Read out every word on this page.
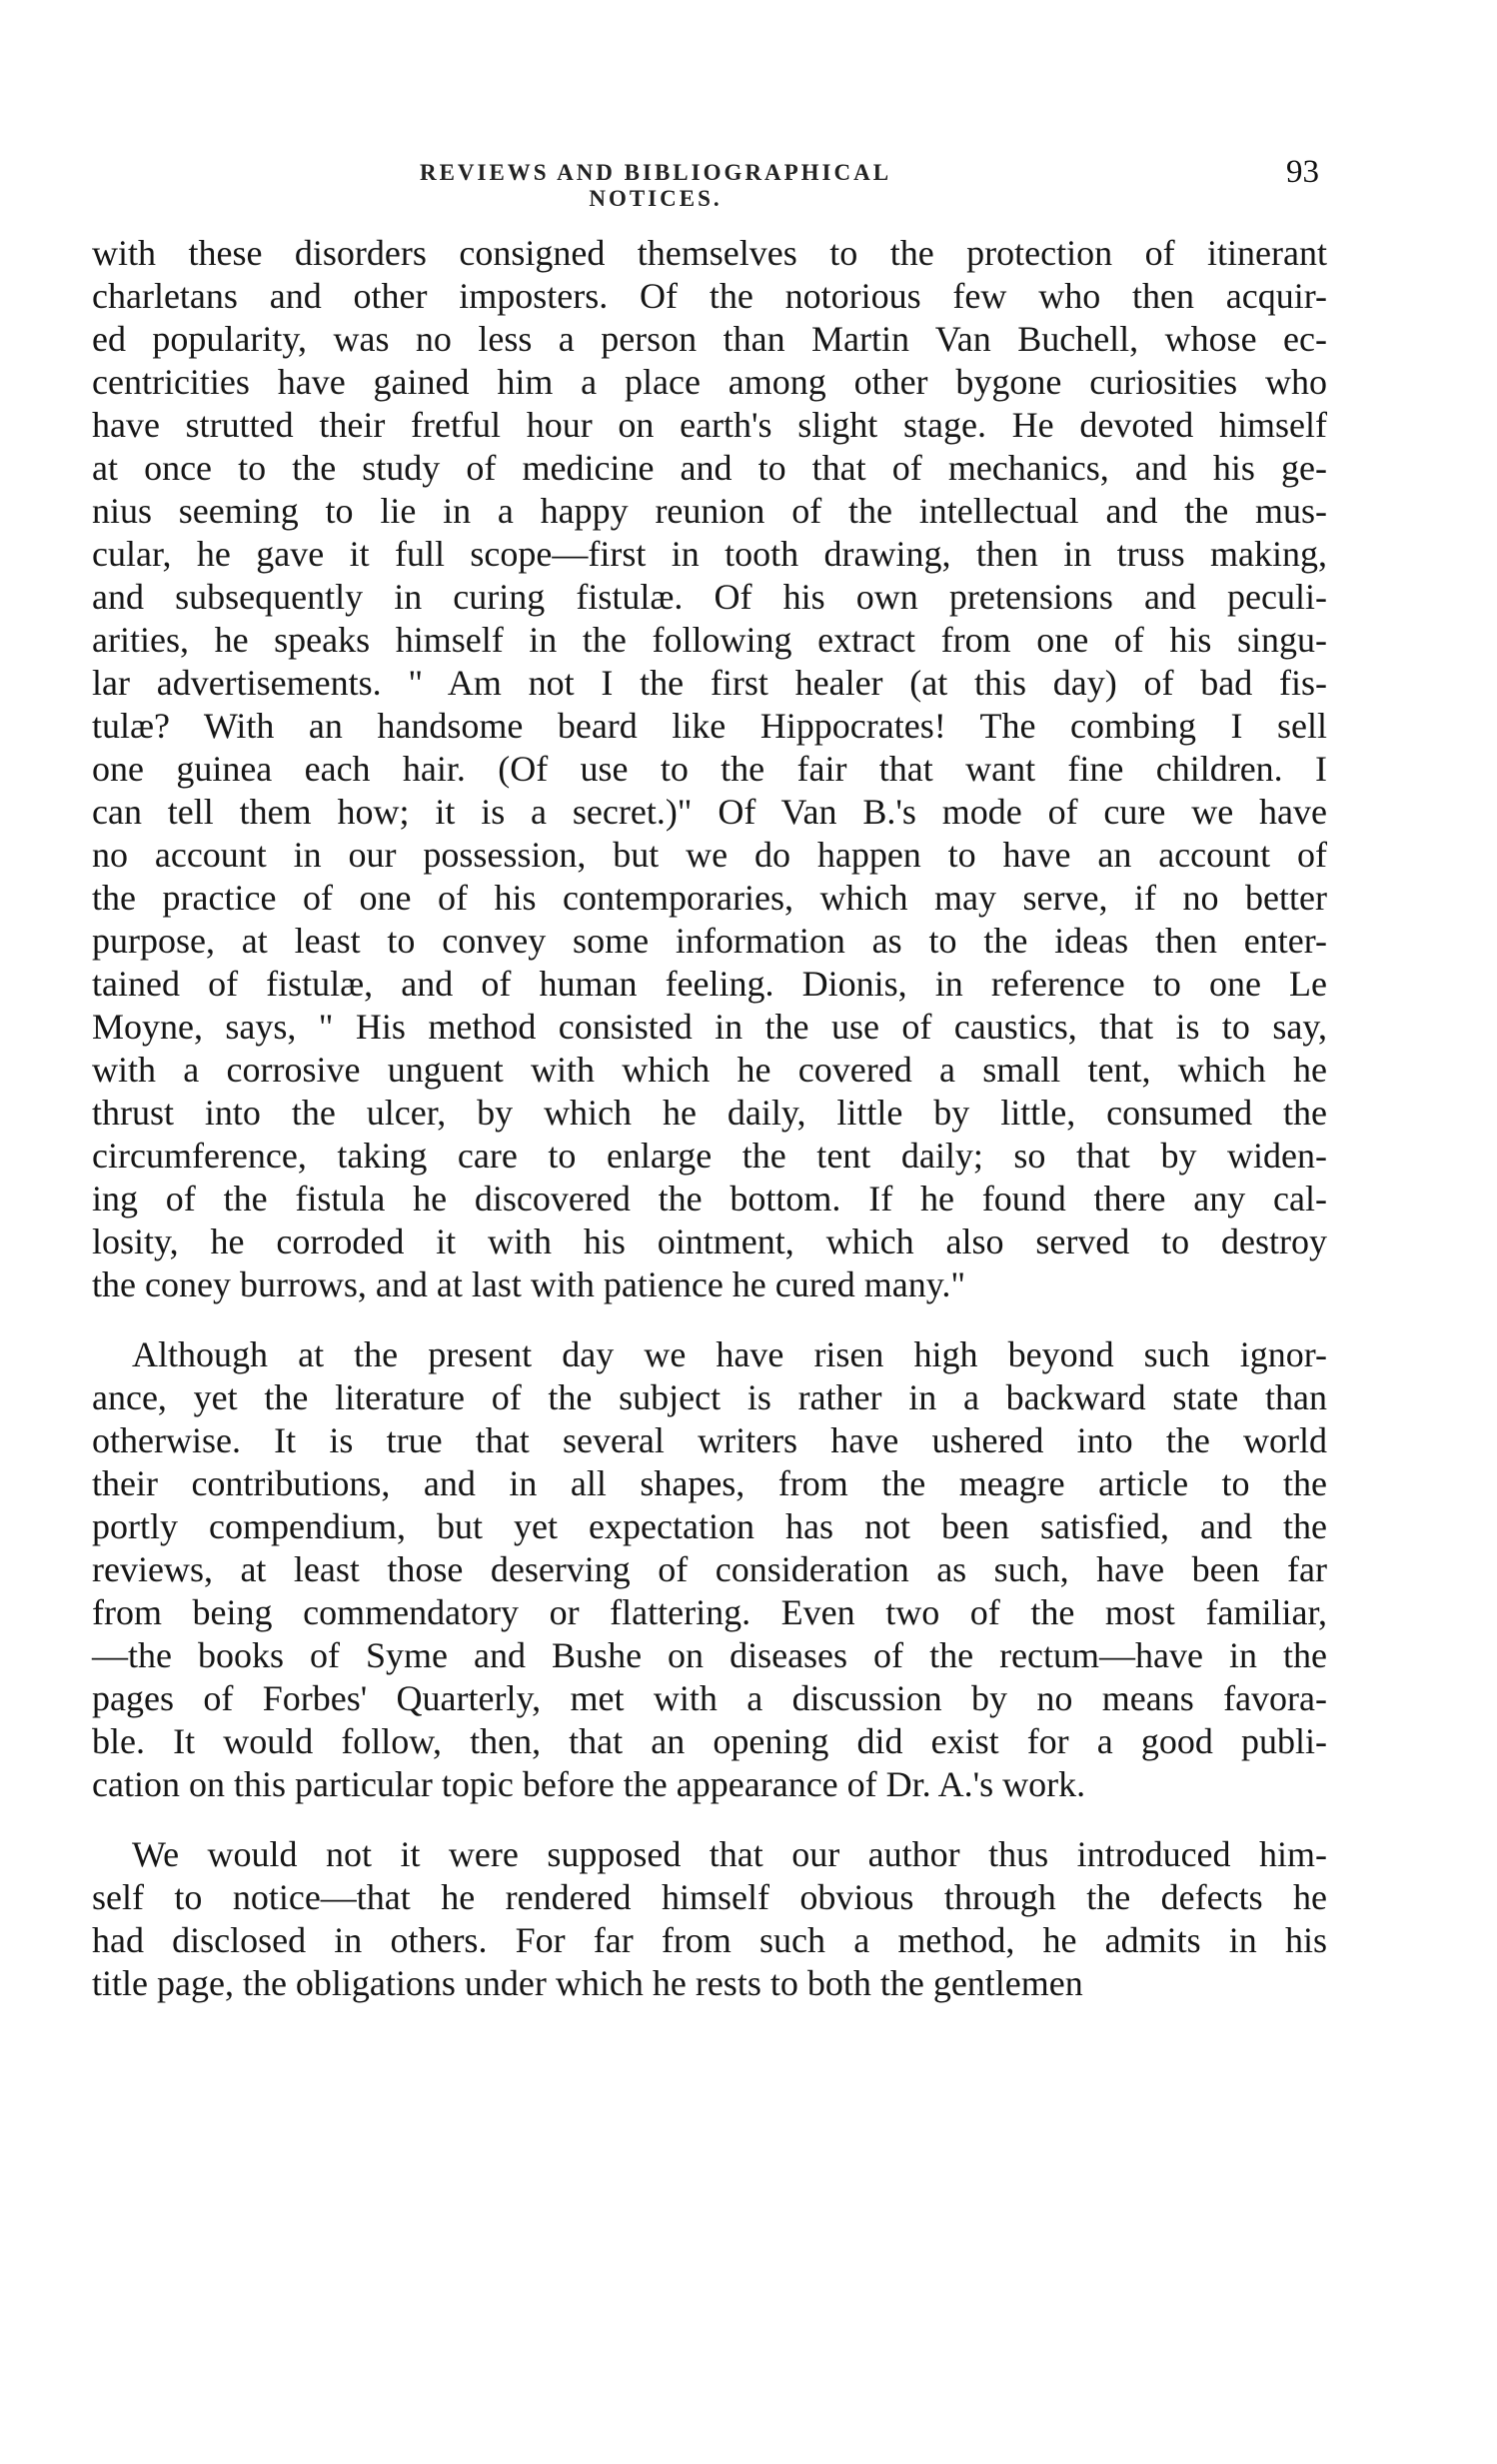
REVIEWS AND BIBLIOGRAPHICAL NOTICES.
93
with these disorders consigned themselves to the protection of itinerant
charletans and other imposters. Of the notorious few who then acquir-
ed popularity, was no less a person than Martin Van Buchell, whose ec-
centricities have gained him a place among other bygone curiosities who
have strutted their fretful hour on earth's slight stage. He devoted himself
at once to the study of medicine and to that of mechanics, and his ge-
nius seeming to lie in a happy reunion of the intellectual and the mus-
cular, he gave it full scope—first in tooth drawing, then in truss making,
and subsequently in curing fistulæ. Of his own pretensions and peculi-
arities, he speaks himself in the following extract from one of his singu-
lar advertisements. " Am not I the first healer (at this day) of bad fis-
tulæ? With an handsome beard like Hippocrates! The combing I sell
one guinea each hair. (Of use to the fair that want fine children. I
can tell them how; it is a secret.)" Of Van B.'s mode of cure we have
no account in our possession, but we do happen to have an account of
the practice of one of his contemporaries, which may serve, if no better
purpose, at least to convey some information as to the ideas then enter-
tained of fistulæ, and of human feeling. Dionis, in reference to one Le
Moyne, says, " His method consisted in the use of caustics, that is to say,
with a corrosive unguent with which he covered a small tent, which he
thrust into the ulcer, by which he daily, little by little, consumed the
circumference, taking care to enlarge the tent daily; so that by widen-
ing of the fistula he discovered the bottom. If he found there any cal-
losity, he corroded it with his ointment, which also served to destroy
the coney burrows, and at last with patience he cured many."
Although at the present day we have risen high beyond such ignor-
ance, yet the literature of the subject is rather in a backward state than
otherwise. It is true that several writers have ushered into the world
their contributions, and in all shapes, from the meagre article to the
portly compendium, but yet expectation has not been satisfied, and the
reviews, at least those deserving of consideration as such, have been far
from being commendatory or flattering. Even two of the most familiar,
—the books of Syme and Bushe on diseases of the rectum—have in the
pages of Forbes' Quarterly, met with a discussion by no means favora-
ble. It would follow, then, that an opening did exist for a good publi-
cation on this particular topic before the appearance of Dr. A.'s work.
We would not it were supposed that our author thus introduced him-
self to notice—that he rendered himself obvious through the defects he
had disclosed in others. For far from such a method, he admits in his
title page, the obligations under which he rests to both the gentlemen
